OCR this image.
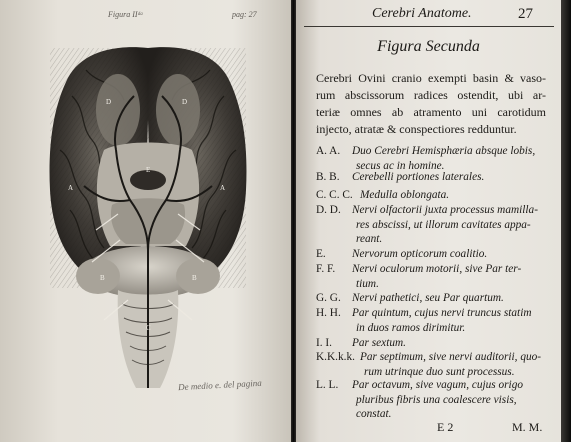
Figura IIᵈᵃ	pag: 27
D	D
A	A
E
B	B
C
De medio e. del pagina
Cerebri Anatome.	27
Figura Secunda
Cerebri Ovini cranio exempti basin & vaso-
rum abscissorum radices ostendit, ubi ar-
teriæ omnes ab atramento uni carotidum
injecto, atratæ & conspectiores redduntur.
A. A. Duo Cerebri Hemisphæria absque lobis,
secus ac in homine.
B. B. Cerebelli portiones laterales.
C. C. C. Medulla oblongata.
D. D. Nervi olfactorii juxta processus mamilla-
res abscissi, ut illorum cavitates appa-
reant.
E. Nervorum opticorum coalitio.
F. F. Nervi oculorum motorii, sive Par ter-
tium.
G. G. Nervi pathetici, seu Par quartum.
H. H. Par quintum, cujus nervi truncus statim
in duos ramos dirimitur.
I. I. Par sextum.
K.K.k.k. Par septimum, sive nervi auditorii, quo-
rum utrinque duo sunt processus.
L. L. Par octavum, sive vagum, cujus origo
pluribus fibris una coalescere visis,
constat.
E 2	M. M.
